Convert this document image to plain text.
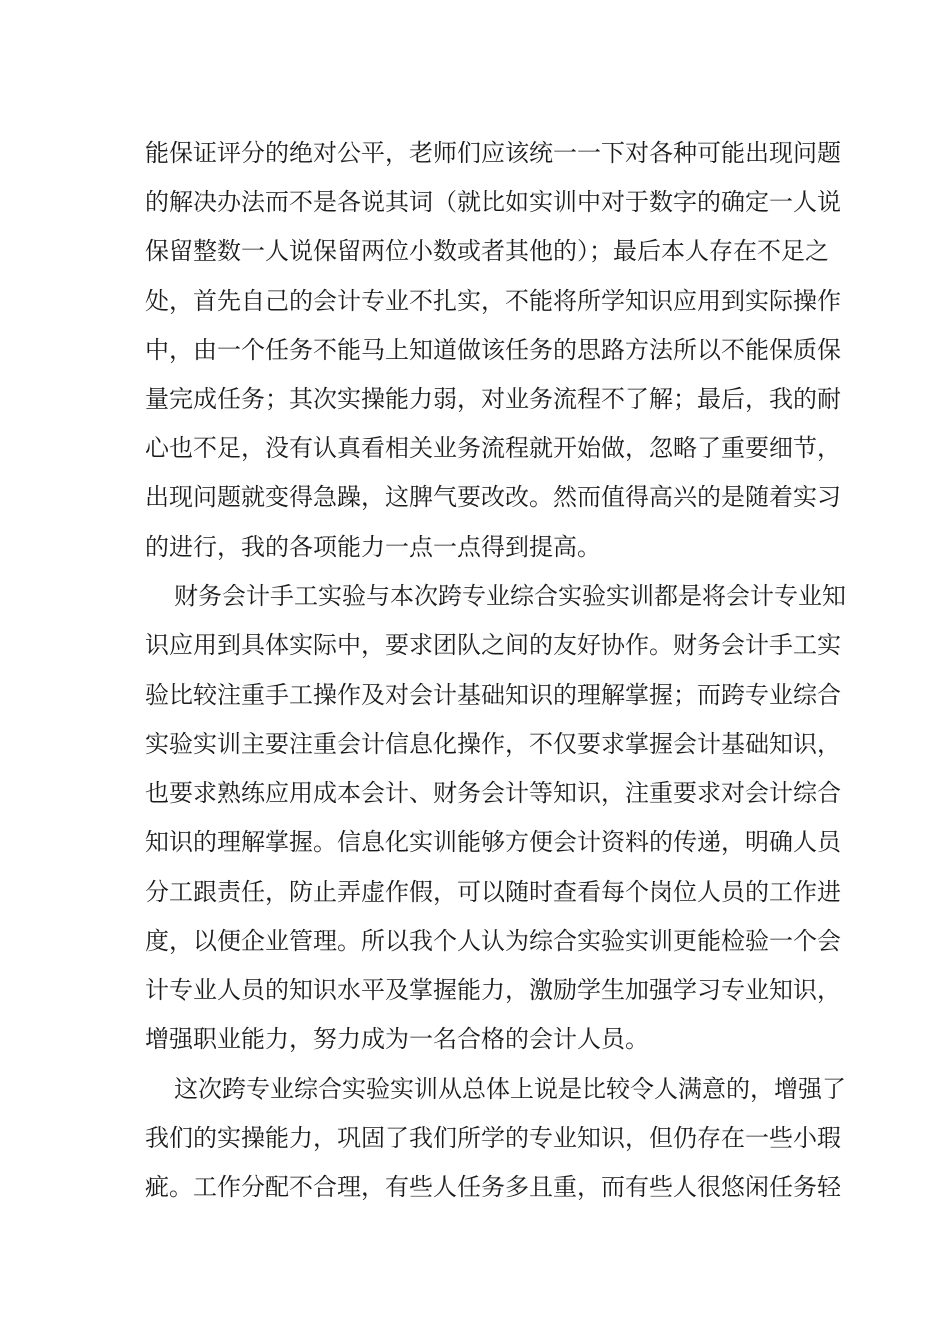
能保证评分的绝对公平，老师们应该统一一下对各种可能出现问题
的解决办法而不是各说其词（就比如实训中对于数字的确定一人说
保留整数一人说保留两位小数或者其他的）；最后本人存在不足之
处，首先自己的会计专业不扎实，不能将所学知识应用到实际操作
中，由一个任务不能马上知道做该任务的思路方法所以不能保质保
量完成任务；其次实操能力弱，对业务流程不了解；最后，我的耐
心也不足，没有认真看相关业务流程就开始做，忽略了重要细节，
出现问题就变得急躁，这脾气要改改。然而值得高兴的是随着实习
的进行，我的各项能力一点一点得到提高。
财务会计手工实验与本次跨专业综合实验实训都是将会计专业知
识应用到具体实际中，要求团队之间的友好协作。财务会计手工实
验比较注重手工操作及对会计基础知识的理解掌握；而跨专业综合
实验实训主要注重会计信息化操作，不仅要求掌握会计基础知识，
也要求熟练应用成本会计、财务会计等知识，注重要求对会计综合
知识的理解掌握。信息化实训能够方便会计资料的传递，明确人员
分工跟责任，防止弄虚作假，可以随时查看每个岗位人员的工作进
度，以便企业管理。所以我个人认为综合实验实训更能检验一个会
计专业人员的知识水平及掌握能力，激励学生加强学习专业知识，
增强职业能力，努力成为一名合格的会计人员。
这次跨专业综合实验实训从总体上说是比较令人满意的，增强了
我们的实操能力，巩固了我们所学的专业知识，但仍存在一些小瑕
疵。工作分配不合理，有些人任务多且重，而有些人很悠闲任务轻
